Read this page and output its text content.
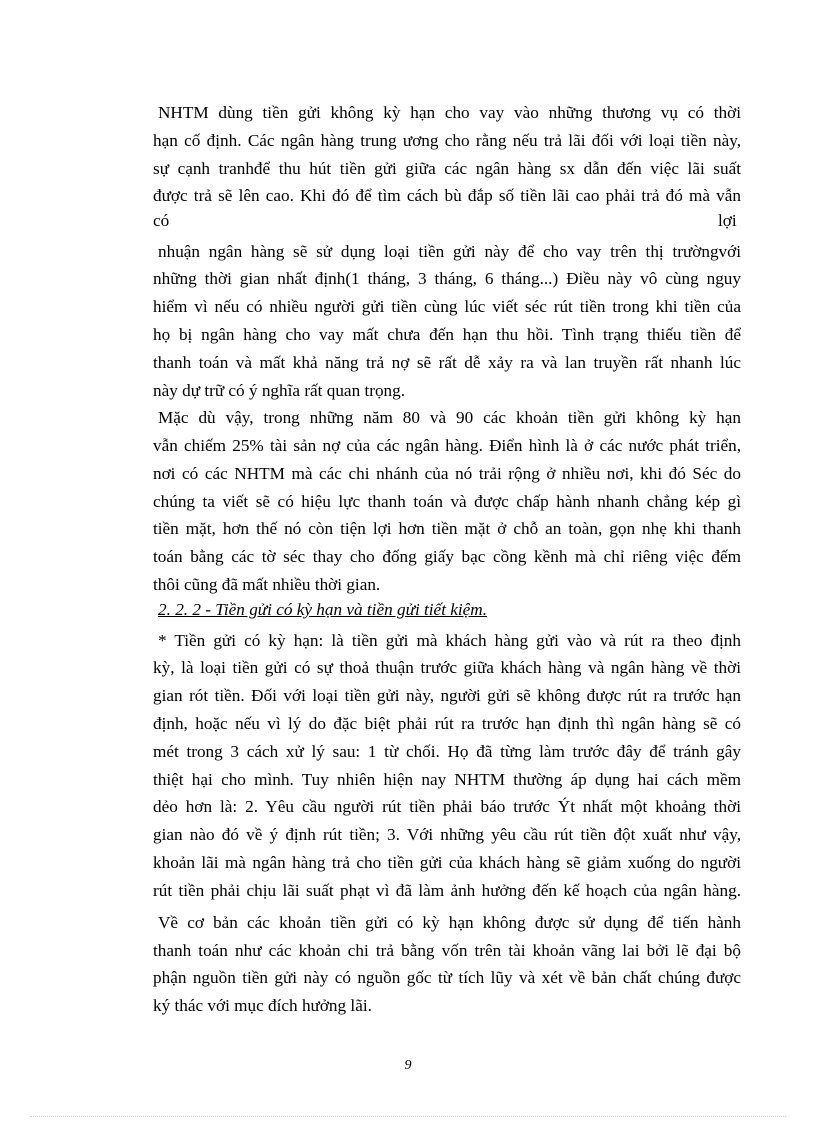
NHTM dùng tiền gửi không kỳ hạn cho vay vào những thương vụ có thời
hạn cố định. Các ngân hàng trung ương cho rằng nếu trả lãi đối với loại tiền này,
sự cạnh tranhđể thu hút tiền gửi giữa các ngân hàng sx dẫn đến việc lãi suất
được trả sẽ lên cao. Khi đó để tìm cách bù đắp số tiền lãi cao phải trả đó mà vẫn
có	lợi
nhuận ngân hàng sẽ sử dụng loại tiền gửi này để cho vay trên thị trườngvới
những thời gian nhất định(1 tháng, 3 tháng, 6 tháng...) Điều này vô cùng nguy
hiểm vì nếu có nhiều người gửi tiền cùng lúc viết séc rút tiền trong khi tiền của
họ bị ngân hàng cho vay mất chưa đến hạn thu hồi. Tình trạng thiếu tiền để
thanh toán và mất khả năng trả nợ sẽ rất dễ xảy ra và lan truyền rất nhanh lúc
này dự trữ có ý nghĩa rất quan trọng.
Mặc dù vậy, trong những năm 80 và 90 các khoản tiền gửi không kỳ hạn
vẫn chiếm 25% tài sản nợ của các ngân hàng. Điển hình là ở các nước phát triển,
nơi có các NHTM mà các chi nhánh của nó trải rộng ở nhiều nơi, khi đó Séc do
chúng ta viết sẽ có hiệu lực thanh toán và được chấp hành nhanh chẳng kép gì
tiền mặt, hơn thế nó còn tiện lợi hơn tiền mặt ở chỗ an toàn, gọn nhẹ khi thanh
toán bằng các tờ séc thay cho đống giấy bạc cồng kềnh mà chỉ riêng việc đếm
thôi cũng đã mất nhiều thời gian.
2. 2. 2 - Tiền gửi có kỳ hạn và tiền gửi tiết kiệm.
* Tiền gửi có kỳ hạn: là tiền gửi mà khách hàng gửi vào và rút ra theo định
kỳ, là loại tiền gửi có sự thoả thuận trước giữa khách hàng và ngân hàng về thời
gian rót tiền. Đối với loại tiền gửi này, người gửi sẽ không được rút ra trước hạn
định, hoặc nếu vì lý do đặc biệt phải rút ra trước hạn định thì ngân hàng sẽ có
mét trong 3 cách xử lý sau: 1 từ chối. Họ đã từng làm trước đây để tránh gây
thiệt hại cho mình. Tuy nhiên hiện nay NHTM thường áp dụng hai cách mềm
dẻo hơn là: 2. Yêu cầu người rút tiền phải báo trước Ýt nhất một khoảng thời
gian nào đó về ý định rút tiền; 3. Với những yêu cầu rút tiền đột xuất như vậy,
khoản lãi mà ngân hàng trả cho tiền gửi của khách hàng sẽ giảm xuống do người
rút tiền phải chịu lãi suất phạt vì đã làm ảnh hưởng đến kế hoạch của ngân hàng.
Về cơ bản các khoản tiền gửi có kỳ hạn không được sử dụng để tiến hành
thanh toán như các khoản chi trả bằng vốn trên tài khoản vãng lai bởi lẽ đại bộ
phận nguồn tiền gửi này có nguồn gốc từ tích lũy và xét về bản chất chúng được
ký thác với mục đích hưởng lãi.
9
